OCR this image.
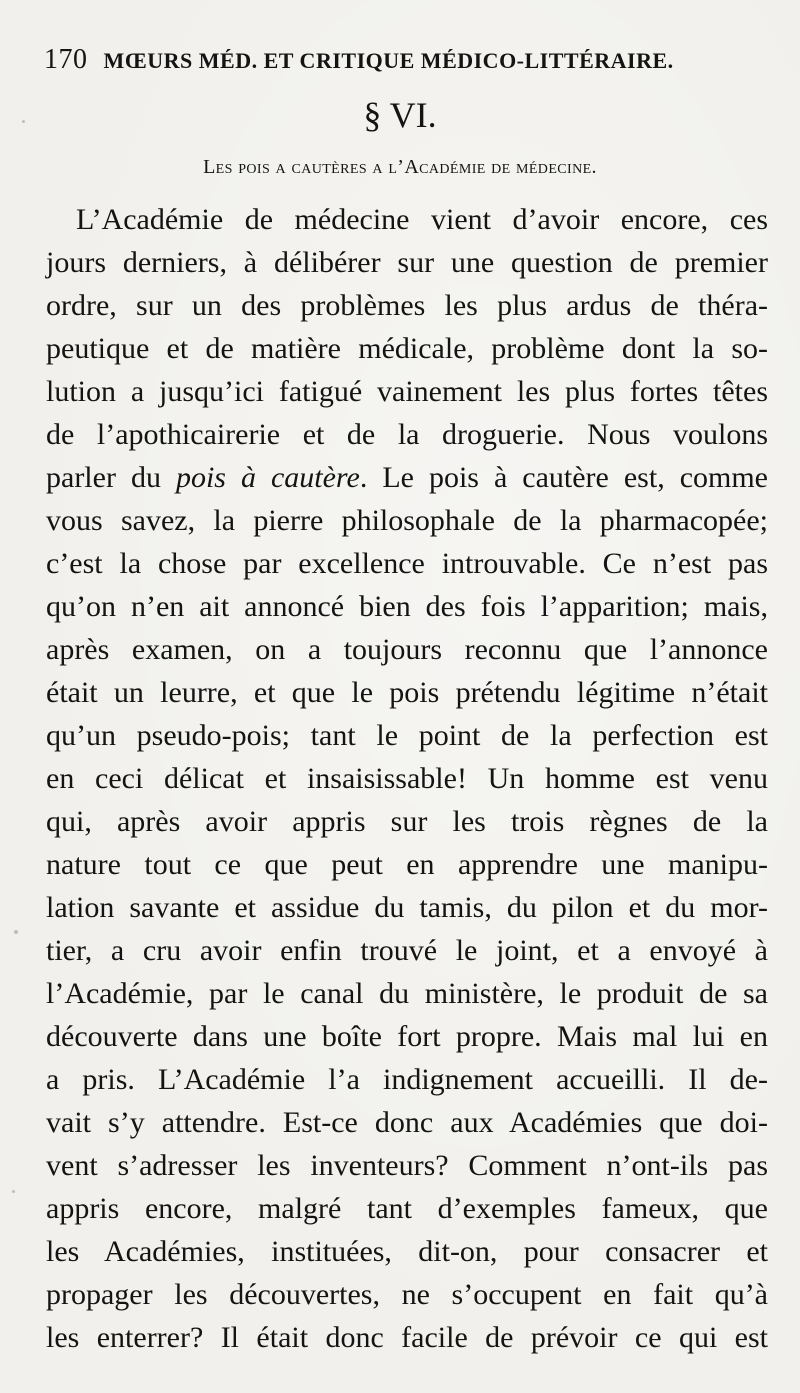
170 MŒURS MÉD. ET CRITIQUE MÉDICO-LITTÉRAIRE.
§ VI.
Les pois a cautères a l’Académie de médecine.
L’Académie de médecine vient d’avoir encore, ces
jours derniers, à délibérer sur une question de premier
ordre, sur un des problèmes les plus ardus de théra-
peutique et de matière médicale, problème dont la so-
lution a jusqu’ici fatigué vainement les plus fortes têtes
de l’apothicairerie et de la droguerie. Nous voulons
parler du pois à cautère. Le pois à cautère est, comme
vous savez, la pierre philosophale de la pharmacopée;
c’est la chose par excellence introuvable. Ce n’est pas
qu’on n’en ait annoncé bien des fois l’apparition; mais,
après examen, on a toujours reconnu que l’annonce
était un leurre, et que le pois prétendu légitime n’était
qu’un pseudo-pois; tant le point de la perfection est
en ceci délicat et insaisissable! Un homme est venu
qui, après avoir appris sur les trois règnes de la
nature tout ce que peut en apprendre une manipu-
lation savante et assidue du tamis, du pilon et du mor-
tier, a cru avoir enfin trouvé le joint, et a envoyé à
l’Académie, par le canal du ministère, le produit de sa
découverte dans une boîte fort propre. Mais mal lui en
a pris. L’Académie l’a indignement accueilli. Il de-
vait s’y attendre. Est-ce donc aux Académies que doi-
vent s’adresser les inventeurs? Comment n’ont-ils pas
appris encore, malgré tant d’exemples fameux, que
les Académies, instituées, dit-on, pour consacrer et
propager les découvertes, ne s’occupent en fait qu’à
les enterrer? Il était donc facile de prévoir ce qui est
